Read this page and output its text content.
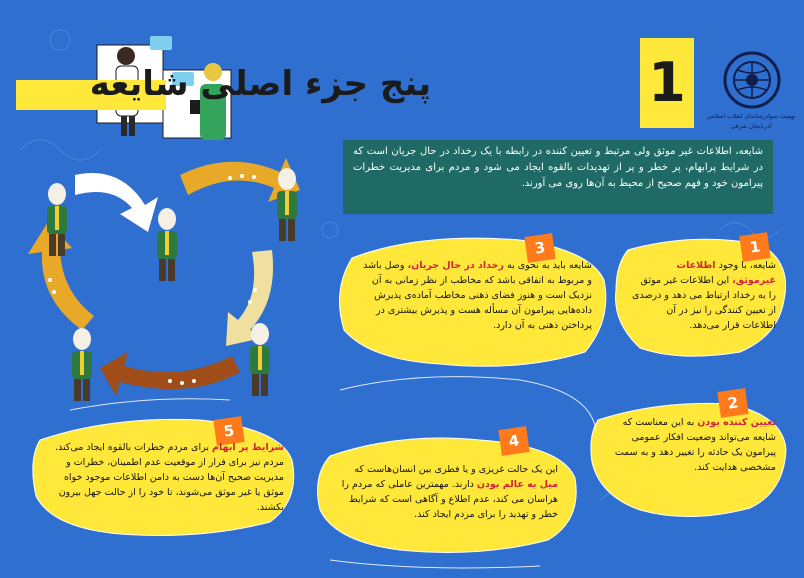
پنج جزء اصلی شایعه	1
نهضت سوادرسانه‌ای انقلاب اسلامی
آذربایجان شرقی
شایعه، اطلاعات غیر موثق ولی مرتبط و تعیین کننده در رابطه با یک رخداد در حال جریان است که در شرایط پرابهام، پر خطر و پر از تهدیدات بالقوه ایجاد می شود و مردم برای مدیریت خطرات پیرامون خود و فهم صحیح از محیط به آن‌ها روی می آورند.
1
شایعه، با وجود اطلاعات غیرموثق، این اطلاعات غیر موثق را به رخداد ارتباط می دهد و درصدی از تعیین کنندگی را نیز در آن اطلاعات قرار می‌دهد.
3
شایعه باید به نحوی به رخداد در حال جریان، وصل باشد و مربوط به اتفاقی باشد که مخاطب از نظر زمانی به آن نزدیک است و هنوز فضای ذهنی مخاطب آماده‌ی پذیرش داده‌هایی پیرامون آن مسأله هست و پذیرش بیشتری در پرداختن ذهنی به آن دارد.
2
تعیین کننده بودن به این معناست که شایعه می‌تواند وضعیت افکار عمومی پیرامون یک حادثه را تغییر دهد و به سمت مشخصی هدایت کند.
4
این یک حالت غریزی و یا فطری بین انسان‌هاست که میل به عالم بودن دارند. مهمترین عاملی که مردم را هراسان می کند، عدم اطلاع و آگاهی است که شرایط خطر و تهدید را برای مردم ایجاد کند.
5
شرایط پر ابهام برای مردم خطرات بالقوه ایجاد می‌کند. مردم نیز برای فرار از موقعیت عدم اطمینان، خطرات و مدیریت صحیح آن‌ها دست به دامن اطلاعات موجود خواه موثق یا غیر موثق می‌شوند، تا خود را از حالت جهل بیرون بکشند.
